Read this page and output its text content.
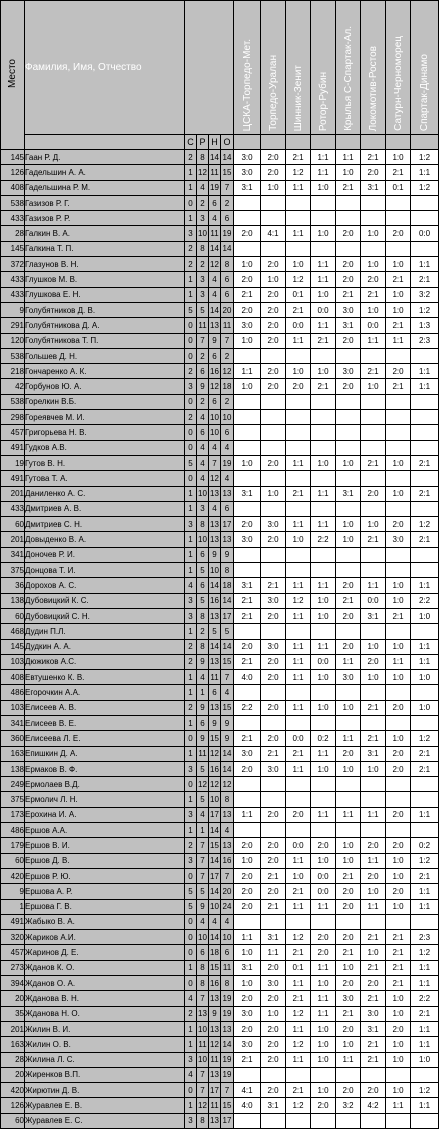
Место	Фамилия, Имя, Отчество					ЦСКА-Торпедо-Мет.	Торпедо-Уралан	Шинник-Зенит	Ротор-Рубин	Крылья С-Спартак-Ал.	Локомотив-Ростов	Сатурн-Черноморец	Спартак-Динамо
		С	Р	Н	О								
145	Гаан Р. Д.	2	8	14	14	3:0	2:0	2:1	1:1	1:1	2:1	1:0	1:2
126	Гадельшин А. А.	1	12	11	15	3:0	2:0	1:2	1:1	1:0	2:0	2:1	1:1
408	Гадельшина Р. М.	1	4	19	7	3:1	1:0	1:1	1:0	2:1	3:1	0:1	1:2
538	Газизов Р. Г.	0	2	6	2								
433	Газизов Р. Р.	1	3	4	6								
28	Галкин В. А.	3	10	11	19	2:0	4:1	1:1	1:0	2:0	1:0	2:0	0:0
145	Галкина Т. П.	2	8	14	14								
372	Глазунов В. Н.	2	2	12	8	1:0	2:0	1:0	1:1	2:0	1:0	1:0	1:1
433	Глушков М. В.	1	3	4	6	2:0	1:0	1:2	1:1	2:0	2:0	2:1	2:1
433	Глушкова Е. Н.	1	3	4	6	2:1	2:0	0:1	1:0	2:1	2:1	1:0	3:2
9	Голубятников Д. В.	5	5	14	20	2:0	2:0	2:1	0:0	3:0	1:0	1:0	1:2
291	Голубятникова Д. А.	0	11	13	11	3:0	2:0	0:0	1:1	3:1	0:0	2:1	1:3
120	Голубятникова Т. П.	0	7	9	7	1:0	2:0	1:1	2:1	2:0	1:1	1:1	2:3
538	Гольшев Д. Н.	0	2	6	2								
218	Гончаренко А. К.	2	6	16	12	1:1	2:0	1:0	1:0	3:0	2:1	2:0	1:1
42	Горбунов Ю. А.	3	9	12	18	1:0	2:0	2:0	2:1	2:0	1:0	2:1	1:1
538	Горелкин В.Б.	0	2	6	2								
298	Гореявчев М. И.	2	4	10	10								
457	Григорьева Н. В.	0	6	10	6								
491	Гудков А.В.	0	4	4	4								
19	Гутов В. Н.	5	4	7	19	1:0	2:0	1:1	1:0	1:0	2:1	1:0	2:1
491	Гутова Т. А.	0	4	12	4								
201	Даниленко А. С.	1	10	13	13	3:1	1:0	2:1	1:1	3:1	2:0	1:0	2:1
433	Дмитриев А. В.	1	3	4	6								
60	Дмитриев С. Н.	3	8	13	17	2:0	3:0	1:1	1:1	1:0	1:0	2:0	1:2
201	Довыденко В. А.	1	10	13	13	3:0	2:0	1:0	2:2	1:0	2:1	3:0	2:1
341	Доночев Р. И.	1	6	9	9								
375	Донцова Т. И.	1	5	10	8								
36	Дорохов А. С.	4	6	14	18	3:1	2:1	1:1	1:1	2:0	1:1	1:0	1:1
138	Дубовицкий К. С.	3	5	16	14	2:1	3:0	1:2	1:0	2:1	0:0	1:0	2:2
60	Дубовицкий С. Н.	3	8	13	17	2:1	2:0	1:1	1:0	2:0	3:1	2:1	1:0
468	Дудин П.Л.	1	2	5	5								
145	Дудкин А. А.	2	8	14	14	2:0	3:0	1:1	1:1	2:0	1:0	1:0	1:1
103	Дюжиков А.С.	2	9	13	15	2:1	2:0	1:1	0:0	1:1	2:0	1:1	1:1
408	Евтушенко К. В.	1	4	11	7	4:0	2:0	1:1	1:0	3:0	1:0	1:0	1:0
486	Егорочкин А.А.	1	1	6	4								
103	Елисеев А. В.	2	9	13	15	2:2	2:0	1:1	1:0	1:0	2:1	2:0	1:0
341	Елисеев В. Е.	1	6	9	9								
360	Елисеева Л. Е.	0	9	15	9	2:1	2:0	0:0	0:2	1:1	2:1	1:0	1:2
163	Епишкин Д. А.	1	11	12	14	3:0	2:1	2:1	1:1	2:0	3:1	2:0	2:1
138	Ермаков В. Ф.	3	5	16	14	2:0	3:0	1:1	1:0	1:0	1:0	2:0	2:1
249	Ермолаев В.Д.	0	12	12	12								
375	Ермолич Л. Н.	1	5	10	8								
173	Ерохина И. А.	3	4	17	13	1:1	2:0	2:0	1:1	1:1	1:1	2:0	1:1
486	Ершов А.А.	1	1	14	4								
179	Ершов В. И.	2	7	15	13	2:0	2:0	0:0	2:0	1:0	2:0	2:0	0:2
60	Ершов Д. В.	3	7	14	16	1:0	2:0	1:1	1:0	1:0	1:1	1:0	1:2
420	Ершов Р. Ю.	0	7	17	7	2:0	2:1	1:0	0:0	2:1	2:0	1:0	2:1
9	Ершова А. Р.	5	5	14	20	2:0	2:0	2:1	0:0	2:0	1:0	2:0	1:1
1	Ершова Г. В.	5	9	10	24	2:0	2:1	1:1	1:1	2:0	1:1	1:0	1:1
491	Жабыко В. А.	0	4	4	4								
320	Жариков А.И.	0	10	14	10	1:1	3:1	1:2	2:0	2:0	2:1	2:1	2:3
457	Жаринов Д. Е.	0	6	18	6	1:0	1:1	2:1	2:0	2:1	1:0	2:1	1:2
273	Жданов К. О.	1	8	15	11	3:1	2:0	0:1	1:1	1:0	2:1	2:1	1:1
394	Жданов О. А.	0	8	16	8	1:0	3:0	1:1	1:0	2:0	2:0	2:1	1:1
20	Жданова В. Н.	4	7	13	19	2:0	2:0	2:1	1:1	3:0	2:1	1:0	2:2
35	Жданова Н. О.	2	13	9	19	3:0	1:0	1:2	1:1	2:1	3:0	1:0	2:1
201	Жилин В. И.	1	10	13	13	2:0	2:0	1:1	1:0	2:0	3:1	2:0	1:1
163	Жилин О. В.	1	11	12	14	3:0	2:0	1:2	1:0	1:0	2:1	1:0	1:1
28	Жилина Л. С.	3	10	11	19	2:1	2:0	1:1	1:0	1:1	2:1	1:0	1:0
20	Жиренков В.П.	4	7	13	19								
420	Жирютин Д. В.	0	7	17	7	4:1	2:0	2:1	1:0	2:0	2:0	1:0	1:2
126	Журавлев Е. В.	1	12	11	15	4:0	3:1	1:2	2:0	3:2	4:2	1:1	1:1
60	Журавлев Е. С.	3	8	13	17								
